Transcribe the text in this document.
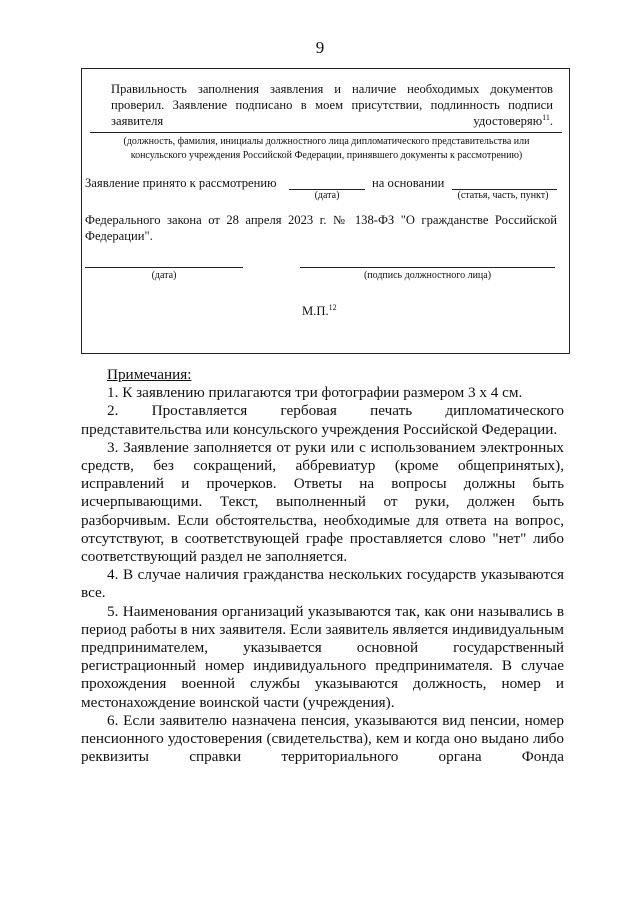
9
Правильность заполнения заявления и наличие необходимых документов проверил. Заявление подписано в моем присутствии, подлинность подписи заявителя удостоверяю$^{11}$.
(должность, фамилия, инициалы должностного лица дипломатического представительства или
консульского учреждения Российской Федерации, принявшего документы к рассмотрению)
Заявление принято к рассмотрению	на основании
(дата)	(статья, часть, пункт)
Федерального закона от 28 апреля 2023 г. № 138-ФЗ "О гражданстве Российской Федерации".
(дата)	(подпись должностного лица)
М.П.$^{12}$
Примечания:

1. К заявлению прилагаются три фотографии размером 3 х 4 см.

2. Проставляется гербовая печать дипломатического представительства или консульского учреждения Российской Федерации.

3. Заявление заполняется от руки или с использованием электронных средств, без сокращений, аббревиатур (кроме общепринятых), исправлений и прочерков. Ответы на вопросы должны быть исчерпывающими. Текст, выполненный от руки, должен быть разборчивым. Если обстоятельства, необходимые для ответа на вопрос, отсутствуют, в соответствующей графе проставляется слово "нет" либо соответствующий раздел не заполняется.

4. В случае наличия гражданства нескольких государств указываются все.

5. Наименования организаций указываются так, как они назывались в период работы в них заявителя. Если заявитель является индивидуальным предпринимателем, указывается основной государственный регистрационный номер индивидуального предпринимателя. В случае прохождения военной службы указываются должность, номер и местонахождение воинской части (учреждения).

6. Если заявителю назначена пенсия, указываются вид пенсии, номер пенсионного удостоверения (свидетельства), кем и когда оно выдано либо реквизиты справки территориального органа Фонда
